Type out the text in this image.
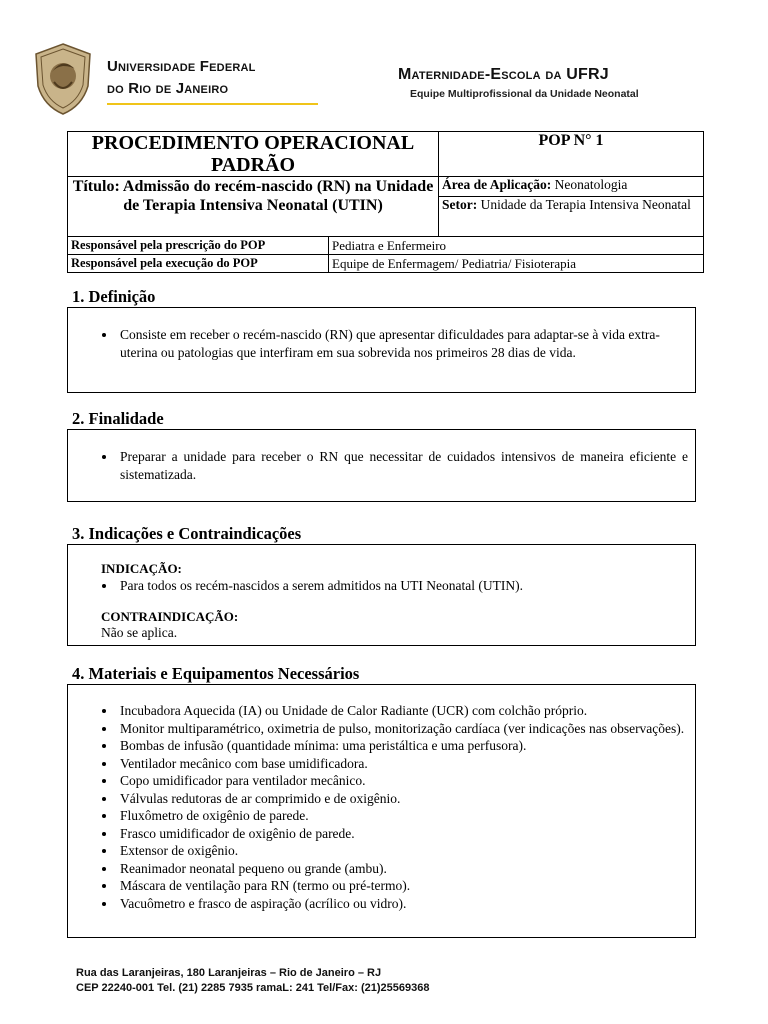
Universidade Federal
do Rio de Janeiro
Maternidade-Escola da UFRJ
Equipe Multiprofissional da Unidade Neonatal
PROCEDIMENTO OPERACIONAL
PADRÃO		POP N° 1
Título: Admissão do recém-nascido (RN) na Unidade de Terapia Intensiva Neonatal (UTIN)		Área de Aplicação: Neonatologia
		Setor: Unidade da Terapia Intensiva Neonatal
Responsável pela prescrição do POP	Pediatra e Enfermeiro	
Responsável pela execução do POP	Equipe de Enfermagem/ Pediatria/ Fisioterapia	
1. Definição
• Consiste em receber o recém-nascido (RN) que apresentar dificuldades para adaptar-se à vida extra-uterina ou patologias que interfiram em sua sobrevida nos primeiros 28 dias de vida.
2. Finalidade
• Preparar a unidade para receber o RN que necessitar de cuidados intensivos de maneira eficiente e sistematizada.
3. Indicações e Contraindicações
INDICAÇÃO:
• Para todos os recém-nascidos a serem admitidos na UTI Neonatal (UTIN).
CONTRAINDICAÇÃO:
Não se aplica.
4. Materiais e Equipamentos Necessários
• Incubadora Aquecida (IA) ou Unidade de Calor Radiante (UCR) com colchão próprio.
• Monitor multiparamétrico, oximetria de pulso, monitorização cardíaca (ver indicações nas observações).
• Bombas de infusão (quantidade mínima: uma peristáltica e uma perfusora).
• Ventilador mecânico com base umidificadora.
• Copo umidificador para ventilador mecânico.
• Válvulas redutoras de ar comprimido e de oxigênio.
• Fluxômetro de oxigênio de parede.
• Frasco umidificador de oxigênio de parede.
• Extensor de oxigênio.
• Reanimador neonatal pequeno ou grande (ambu).
• Máscara de ventilação para RN (termo ou pré-termo).
• Vacuômetro e frasco de aspiração (acrílico ou vidro).
Rua das Laranjeiras, 180 Laranjeiras – Rio de Janeiro – RJ
CEP 22240-001 Tel. (21) 2285 7935 ramaL: 241 Tel/Fax: (21)25569368
